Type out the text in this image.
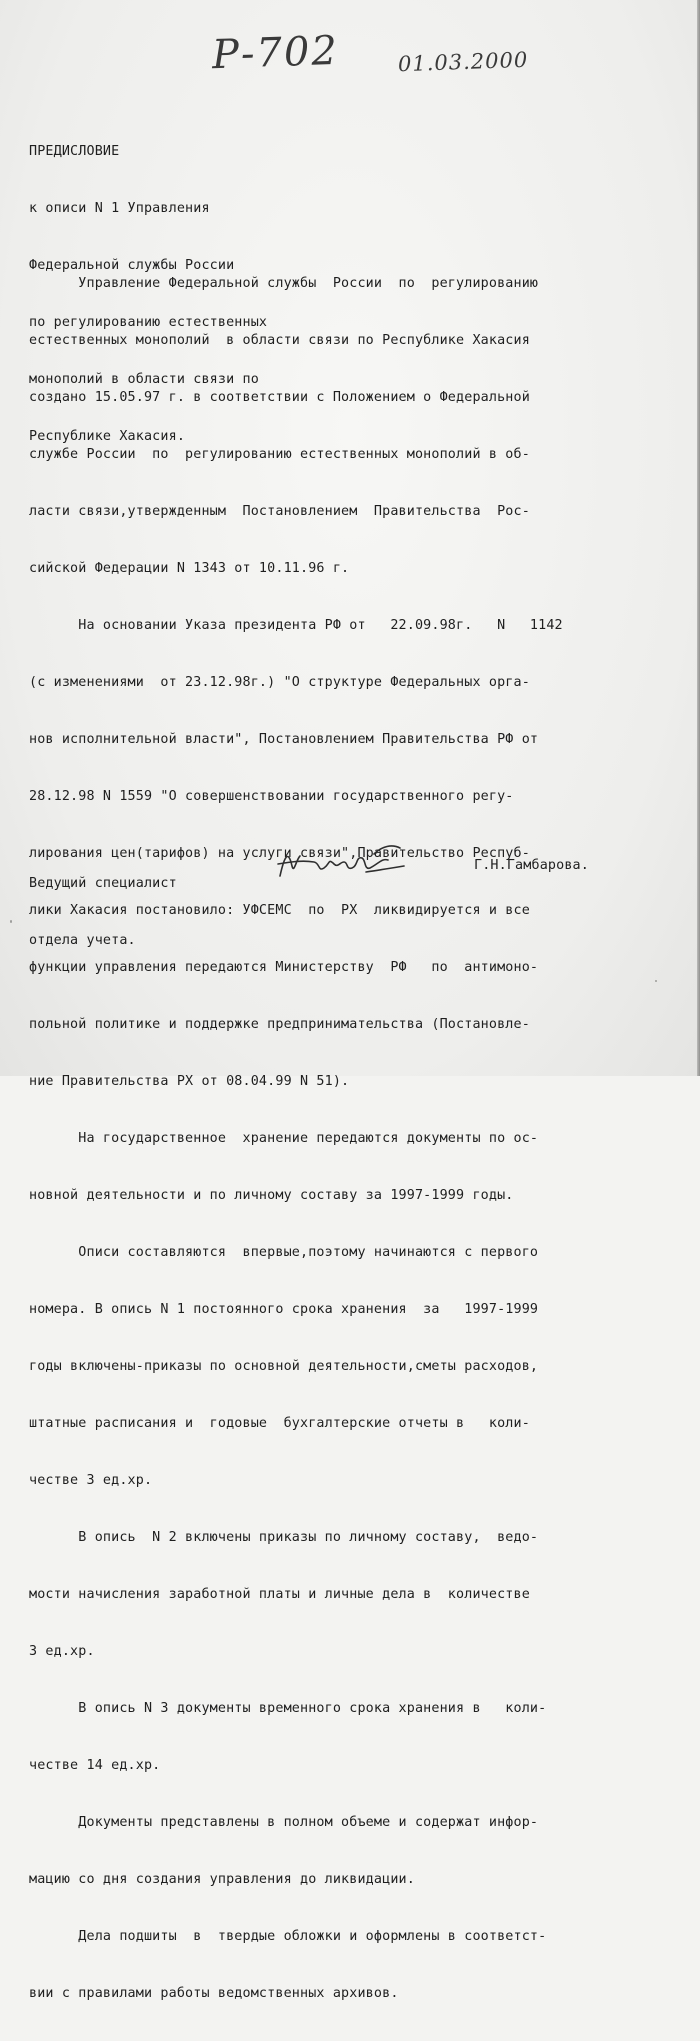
Р-702	01.03.2000

ПРЕДИСЛОВИЕ

к описи N 1 Управления

Федеральной службы России

по регулированию естественных

монополий в области связи по

Республике Хакасия.

Управление Федеральной службы  России  по  регулированию

естественных монополий  в области связи по Республике Хакасия

создано 15.05.97 г. в соответствии с Положением о Федеральной

службе России  по  регулированию естественных монополий в об-

ласти связи,утвержденным  Постановлением  Правительства  Рос-

сийской Федерации N 1343 от 10.11.96 г.

На основании Указа президента РФ от   22.09.98г.   N   1142

(с изменениями  от 23.12.98г.) "О структуре Федеральных орга-

нов исполнительной власти", Постановлением Правительства РФ от

28.12.98 N 1559 "О совершенствовании государственного регу-

лирования цен(тарифов) на услуги связи",Правительство Респуб-

лики Хакасия постановило: УФСЕМС  по  РХ  ликвидируется и все

функции управления передаются Министерству  РФ   по  антимоно-

польной политике и поддержке предпринимательства (Постановле-

ние Правительства РХ от 08.04.99 N 51).

На государственное  хранение передаются документы по ос-

новной деятельности и по личному составу за 1997-1999 годы.

Описи составляются  впервые,поэтому начинаются с первого

номера. В опись N 1 постоянного срока хранения  за   1997-1999

годы включены-приказы по основной деятельности,сметы расходов,

штатные расписания и  годовые  бухгалтерские отчеты в   коли-

честве 3 ед.хр.

В опись  N 2 включены приказы по личному составу,  ведо-

мости начисления заработной платы и личные дела в  количестве

3 ед.хр.

В опись N 3 документы временного срока хранения в   коли-

честве 14 ед.хр.

Документы представлены в полном объеме и содержат инфор-

мацию со дня создания управления до ликвидации.

Дела подшиты  в  твердые обложки и оформлены в соответст-

вии с правилами работы ведомственных архивов.

Ведущий специалист

отдела учета.

Г.Н.Гамбарова.
